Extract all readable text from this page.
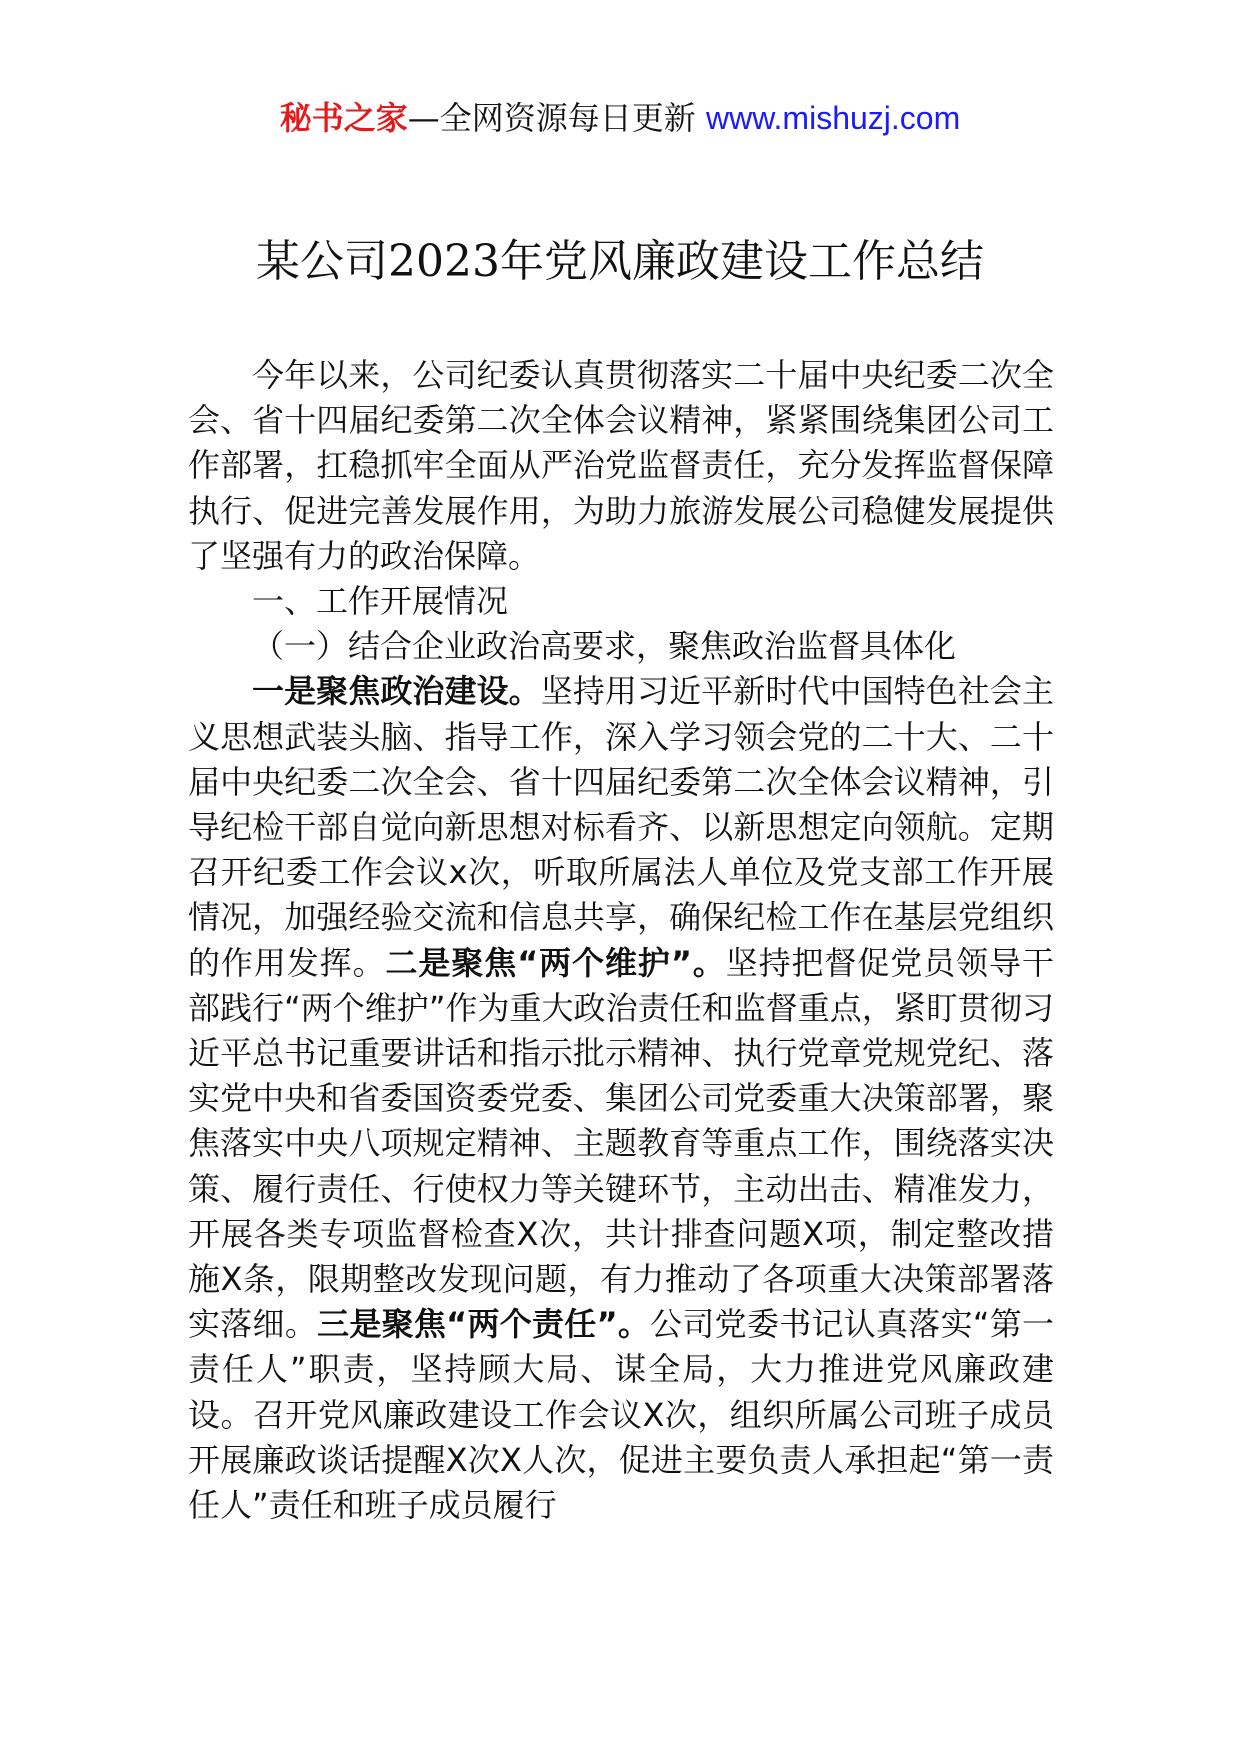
秘书之家—全网资源每日更新 www.mishuzj.com
某公司2023年党风廉政建设工作总结

今年以来，公司纪委认真贯彻落实二十届中央纪委二次全会、省十四届纪委第二次全体会议精神，紧紧围绕集团公司工作部署，扛稳抓牢全面从严治党监督责任，充分发挥监督保障执行、促进完善发展作用，为助力旅游发展公司稳健发展提供了坚强有力的政治保障。

一、工作开展情况

（一）结合企业政治高要求，聚焦政治监督具体化

一是聚焦政治建设。坚持用习近平新时代中国特色社会主义思想武装头脑、指导工作，深入学习领会党的二十大、二十届中央纪委二次全会、省十四届纪委第二次全体会议精神，引导纪检干部自觉向新思想对标看齐、以新思想定向领航。定期召开纪委工作会议x次，听取所属法人单位及党支部工作开展情况，加强经验交流和信息共享，确保纪检工作在基层党组织的作用发挥。二是聚焦“两个维护”。坚持把督促党员领导干部践行“两个维护”作为重大政治责任和监督重点，紧盯贯彻习近平总书记重要讲话和指示批示精神、执行党章党规党纪、落实党中央和省委国资委党委、集团公司党委重大决策部署，聚焦落实中央八项规定精神、主题教育等重点工作，围绕落实决策、履行责任、行使权力等关键环节，主动出击、精准发力，开展各类专项监督检查X次，共计排查问题X项，制定整改措施X条，限期整改发现问题，有力推动了各项重大决策部署落实落细。三是聚焦“两个责任”。公司党委书记认真落实“第一责任人”职责，坚持顾大局、谋全局，大力推进党风廉政建设。召开党风廉政建设工作会议X次，组织所属公司班子成员开展廉政谈话提醒X次X人次，促进主要负责人承担起“第一责任人”责任和班子成员履行
